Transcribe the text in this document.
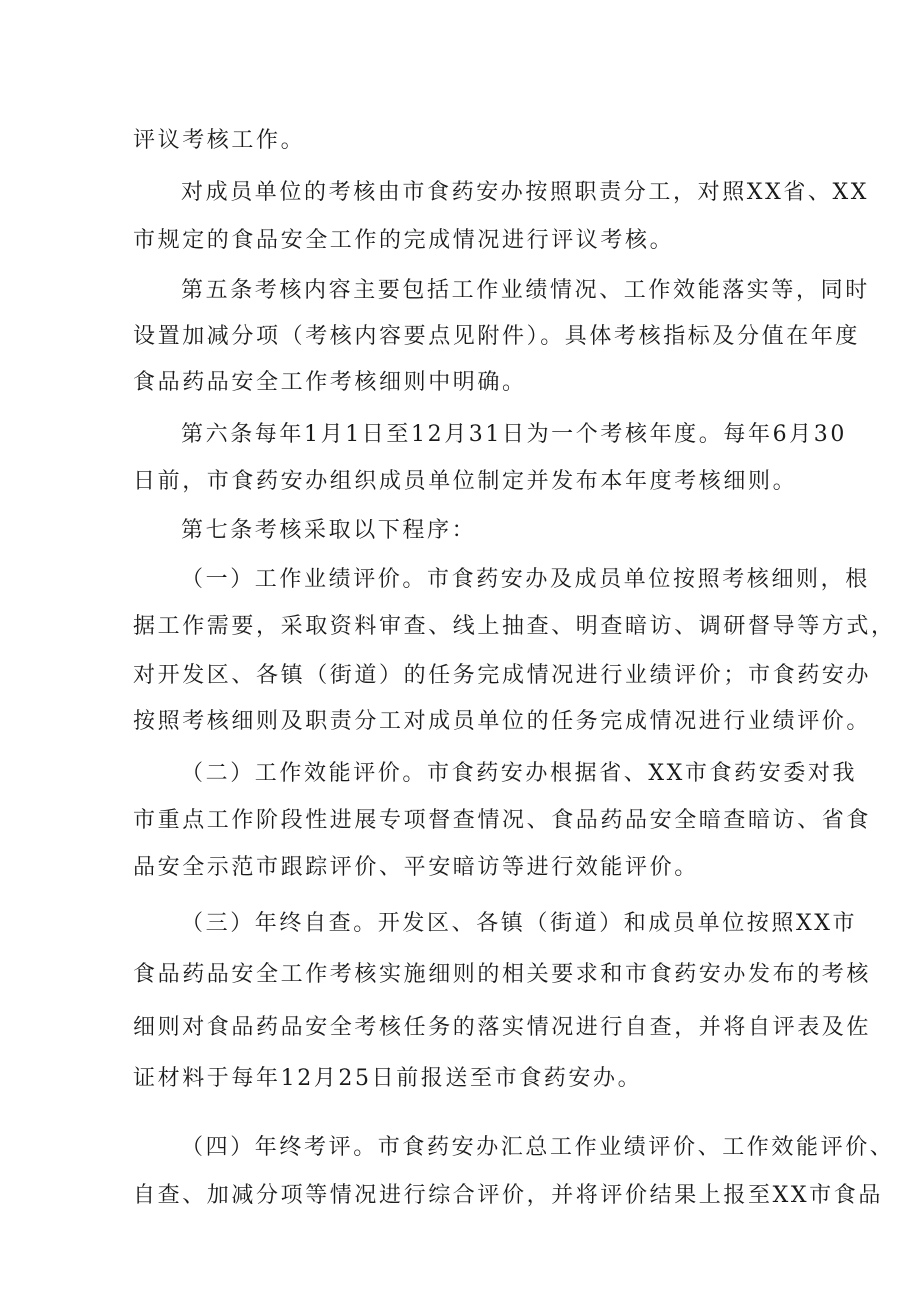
评议考核工作。
对成员单位的考核由市食药安办按照职责分工，对照XX省、XX
市规定的食品安全工作的完成情况进行评议考核。
第五条考核内容主要包括工作业绩情况、工作效能落实等，同时
设置加减分项（考核内容要点见附件）。具体考核指标及分值在年度
食品药品安全工作考核细则中明确。
第六条每年1月1日至12月31日为一个考核年度。每年6月30
日前，市食药安办组织成员单位制定并发布本年度考核细则。
第七条考核采取以下程序：
（一）工作业绩评价。市食药安办及成员单位按照考核细则，根
据工作需要，采取资料审查、线上抽查、明查暗访、调研督导等方式，
对开发区、各镇（街道）的任务完成情况进行业绩评价；市食药安办
按照考核细则及职责分工对成员单位的任务完成情况进行业绩评价。
（二）工作效能评价。市食药安办根据省、XX市食药安委对我
市重点工作阶段性进展专项督查情况、食品药品安全暗查暗访、省食
品安全示范市跟踪评价、平安暗访等进行效能评价。
（三）年终自查。开发区、各镇（街道）和成员单位按照XX市
食品药品安全工作考核实施细则的相关要求和市食药安办发布的考核
细则对食品药品安全考核任务的落实情况进行自查，并将自评表及佐
证材料于每年12月25日前报送至市食药安办。
（四）年终考评。市食药安办汇总工作业绩评价、工作效能评价、
自查、加减分项等情况进行综合评价，并将评价结果上报至XX市食品
